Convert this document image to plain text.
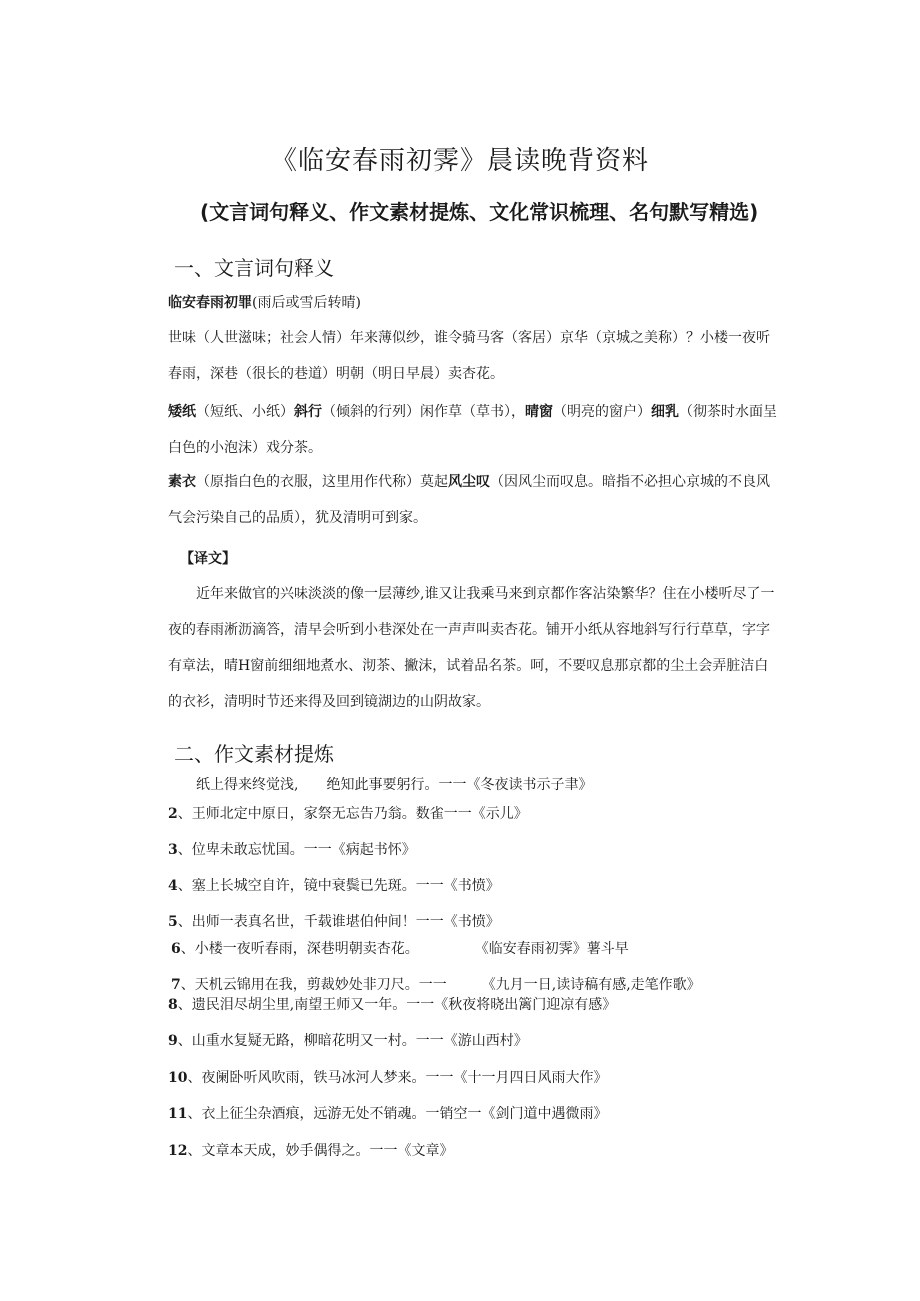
《临安春雨初霁》晨读晚背资料
(文言词句释义、作文素材提炼、文化常识梳理、名句默写精选)
一、文言词句释义
临安春雨初罪(雨后或雪后转晴)
世味（人世滋味；社会人情）年来薄似纱，谁令骑马客（客居）京华（京城之美称）？小楼一夜听春雨，深巷（很长的巷道）明朝（明日早晨）卖杏花。
矮纸（短纸、小纸）斜行（倾斜的行列）闲作草（草书），晴窗（明亮的窗户）细乳（彻茶时水面呈白色的小泡沫）戏分茶。
素衣（原指白色的衣服，这里用作代称）莫起风尘叹（因风尘而叹息。暗指不必担心京城的不良风气会污染自己的品质），犹及清明可到家。
【译文】
近年来做官的兴味淡淡的像一层薄纱,谁又让我乘马来到京都作客沾染繁华？住在小楼听尽了一夜的春雨淅沥滴答，清早会听到小巷深处在一声声叫卖杏花。铺开小纸从容地斜写行行草草，字字有章法，晴H窗前细细地煮水、沏茶、撇沫，试着品名茶。呵，不要叹息那京都的尘土会弄脏洁白的衣衫，清明时节还来得及回到镜湖边的山阴故家。
二、作文素材提炼
纸上得来终觉浅,　　绝知此事要躬行。一一《冬夜读书示子聿》
2、王师北定中原日，家祭无忘告乃翁。数雀一一《示儿》
3、位卑未敢忘忧国。一一《病起书怀》
4、塞上长城空自许，镜中衰鬓已先斑。一一《书愤》
5、出师一表真名世，千载谁堪伯仲间！一一《书愤》
6、小楼一夜听春雨，深巷明朝卖杏花。　　　　　《临安春雨初霁》薯斗早
7、天机云锦用在我，剪裁妙处非刀尺。一一　　　《九月一日,读诗稿有感,走笔作歌》
8、遗民泪尽胡尘里,南望王师又一年。一一《秋夜将晓出篱门迎凉有感》
9、山重水复疑无路，柳暗花明又一村。一一《游山西村》
10、夜阑卧听风吹雨，铁马冰河人梦来。一一《十一月四日风雨大作》
11、衣上征尘杂酒痕，远游无处不销魂。一销空一《剑门道中遇微雨》
12、文章本天成，妙手偶得之。一一《文章》
